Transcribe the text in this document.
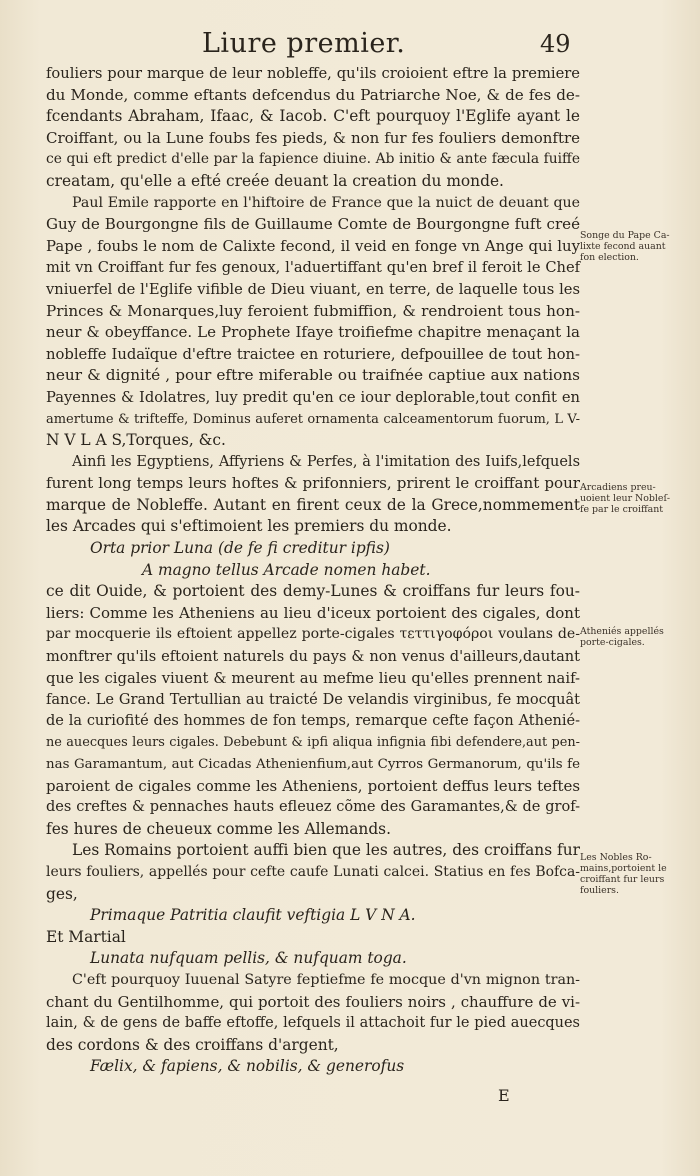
Liure premier.	49
fouliers pour marque de leur nobleffe, qu'ils croioient eftre la premiere
du Monde, comme eftants defcendus du Patriarche Noe, & de fes de-
fcendants Abraham, Ifaac, & Iacob. C'eft pourquoy l'Eglife ayant le
Croiffant, ou la Lune foubs fes pieds, & non fur fes fouliers demonftre
ce qui eft predict d'elle par la fapience diuine. Ab initio & ante fæcula fuiffe
creatam, qu'elle a efté creée deuant la creation du monde.
Paul Emile rapporte en l'hiftoire de France que la nuict de deuant que
Guy de Bourgongne fils de Guillaume Comte de Bourgongne fuft creé
Pape , foubs le nom de Calixte fecond, il veid en fonge vn Ange qui luy
mit vn Croiffant fur fes genoux, l'aduertiffant qu'en bref il feroit le Chef
vniuerfel de l'Eglife vifible de Dieu viuant, en terre, de laquelle tous les
Princes & Monarques,luy feroient fubmiffion, & rendroient tous hon-
neur & obeyffance. Le Prophete Ifaye troifiefme chapitre menaçant la
nobleffe Iudaïque d'eftre traictee en roturiere, defpouillee de tout hon-
neur & dignité , pour eftre miferable ou traifnée captiue aux nations
Payennes & Idolatres, luy predit qu'en ce iour deplorable,tout confit en
amertume & trifteffe, Dominus auferet ornamenta calceamentorum fuorum, L V-
N V L A S,Torques, &c.
Ainfi les Egyptiens, Affyriens & Perfes, à l'imitation des Iuifs,lefquels
furent long temps leurs hoftes & prifonniers, prirent le croiffant pour
marque de Nobleffe. Autant en firent ceux de la Grece,nommement
les Arcades qui s'eftimoient les premiers du monde.
Orta prior Luna (de fe fi creditur ipfis)
A magno tellus Arcade nomen habet.
ce dit Ouide, & portoient des demy-Lunes & croiffans fur leurs fou-
liers: Comme les Atheniens au lieu d'iceux portoient des cigales, dont
par mocquerie ils eftoient appellez porte-cigales τεττιγοφόροι voulans de-
monftrer qu'ils eftoient naturels du pays & non venus d'ailleurs,dautant
que les cigales viuent & meurent au mefme lieu qu'elles prennent naif-
fance. Le Grand Tertullian au traicté De velandis virginibus, fe mocquât
de la curiofité des hommes de fon temps, remarque cefte façon Athenié-
ne auecques leurs cigales. Debebunt & ipfi aliqua infignia fibi defendere,aut pen-
nas Garamantum, aut Cicadas Athenienfium,aut Cyrros Germanorum, qu'ils fe
paroient de cigales comme les Atheniens, portoient deffus leurs teftes
des creftes & pennaches hauts efleuez cõme des Garamantes,& de grof-
fes hures de cheueux comme les Allemands.
Les Romains portoient auffi bien que les autres, des croiffans fur
leurs fouliers, appellés pour cefte caufe Lunati calcei. Statius en fes Bofca-
ges,
Primaque Patritia claufit veftigia L V N A.
Et Martial
Lunata nufquam pellis, & nufquam toga.
C'eft pourquoy Iuuenal Satyre feptiefme fe mocque d'vn mignon tran-
chant du Gentilhomme, qui portoit des fouliers noirs , chauffure de vi-
lain, & de gens de baffe eftoffe, lefquels il attachoit fur le pied auecques
des cordons & des croiffans d'argent,
Fælix, & fapiens, & nobilis, & generofus
Songe du Pape Ca-
lixte fecond auant
fon election.
Arcadiens preu-
uoient leur Nobleſ-
fe par le croiffant
Atheniés appellés
porte-cigales.
Les Nobles Ro-
mains,portoient le
croiffant fur leurs
fouliers.
E
